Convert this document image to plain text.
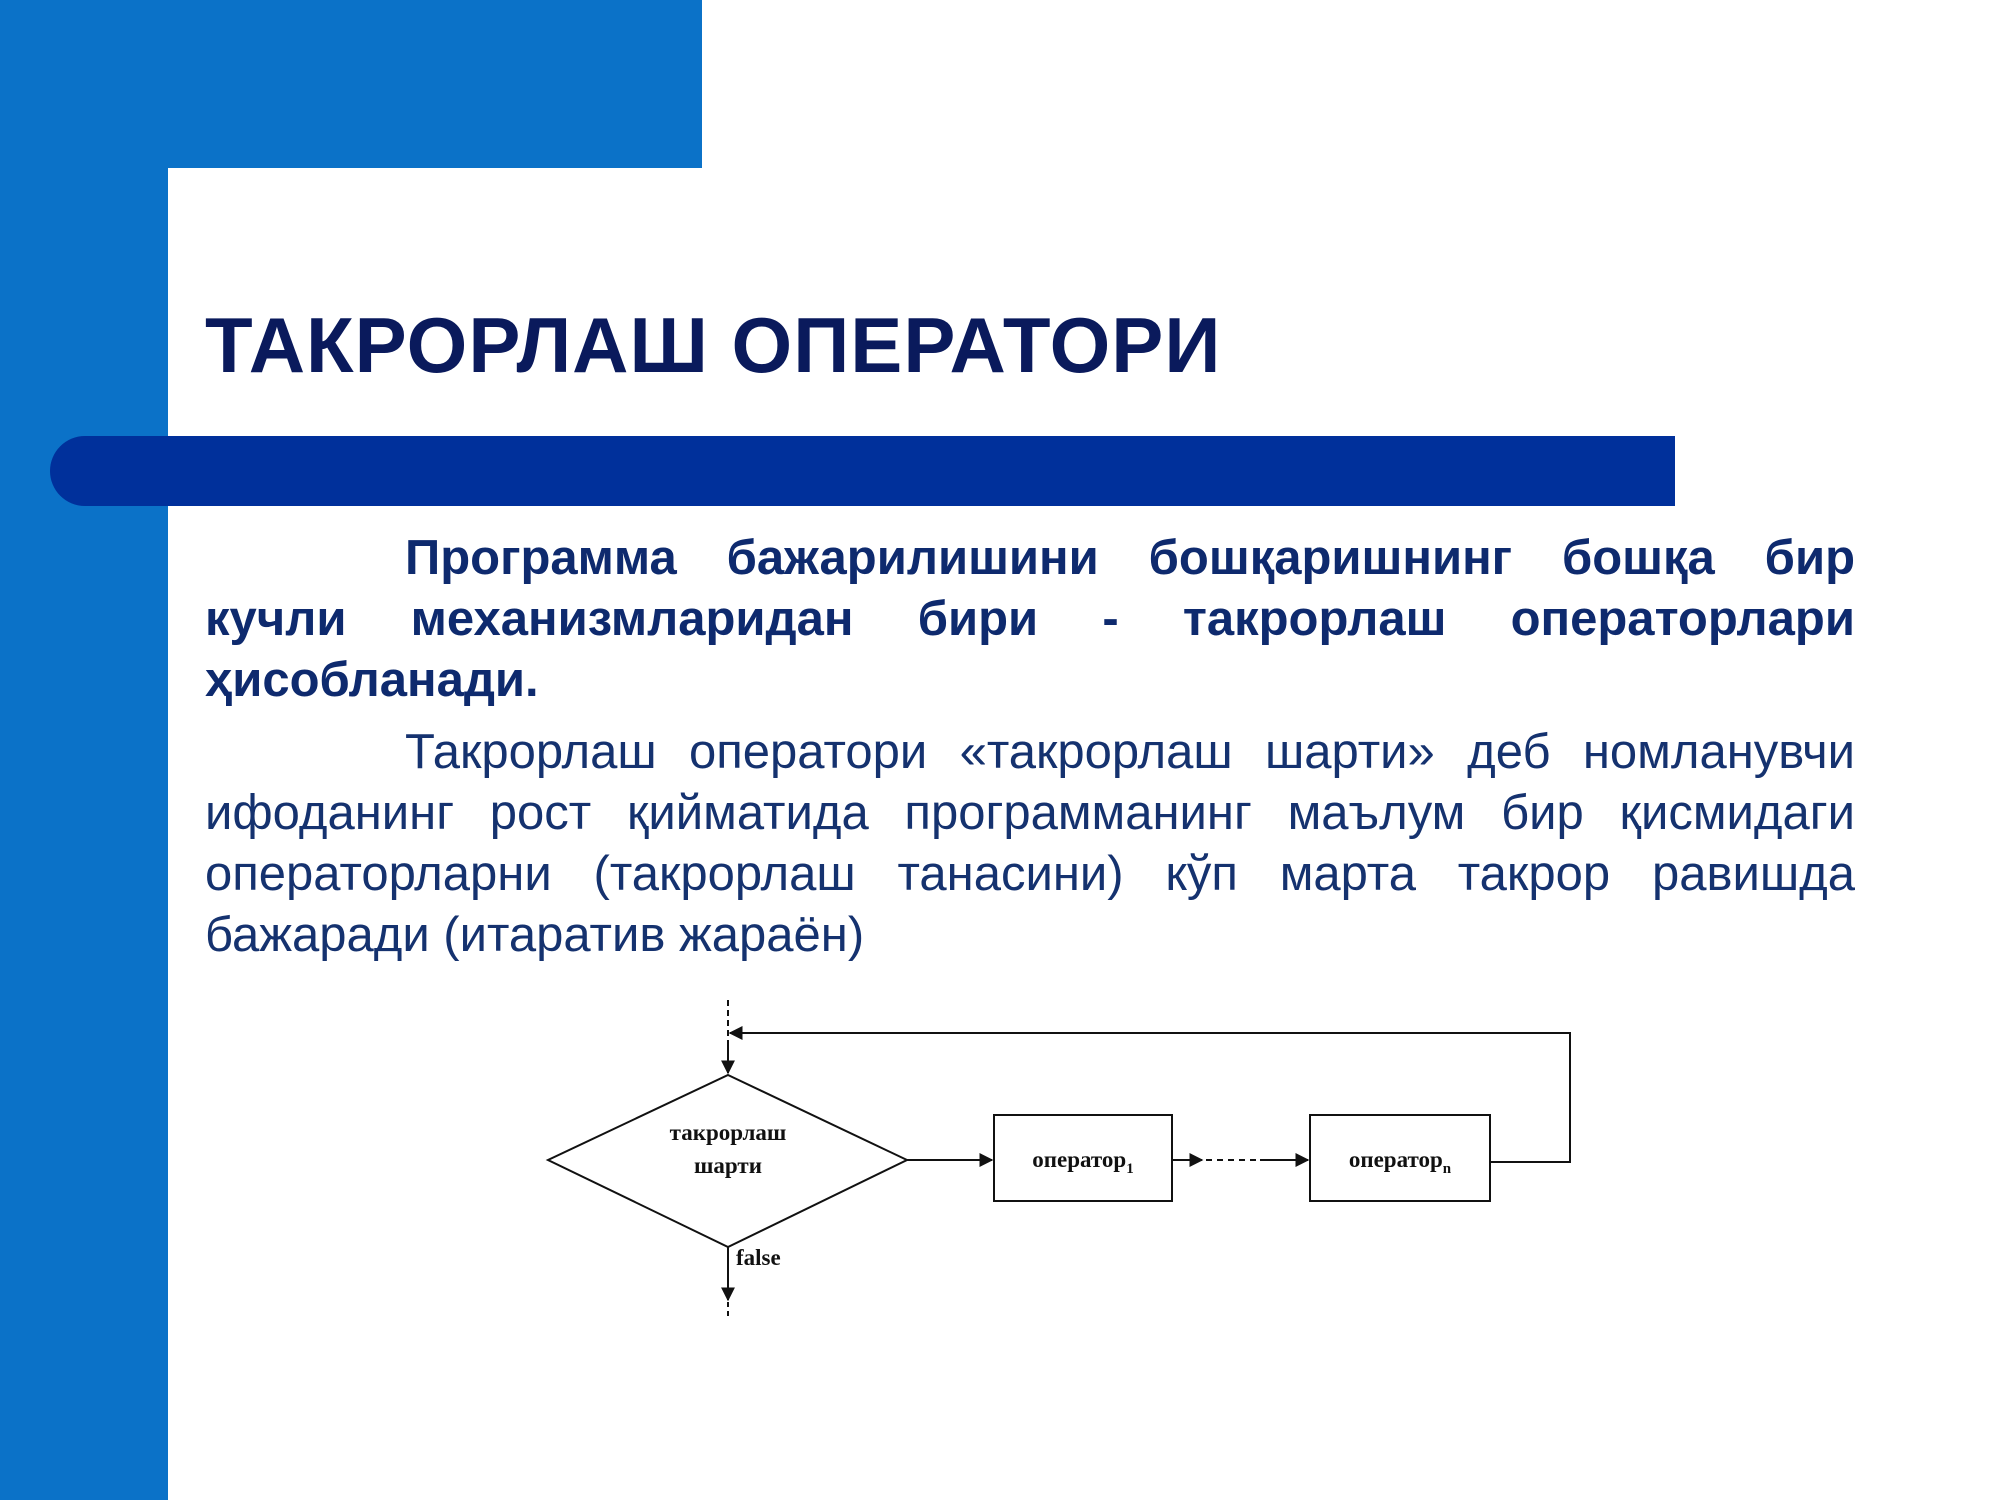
ТАКРОРЛАШ ОПЕРАТОРИ

Программа бажарилишини бошқаришнинг бошқа бир кучли механизмларидан бири - такрорлаш операторлари ҳисобланади.

Такрорлаш оператори «такрорлаш шарти» деб номланувчи ифоданинг рост қийматида программанинг маълум бир қисмидаги операторларни (такрорлаш танасини) кўп марта такрор равишда бажаради (итаратив жараён)

такрорлаш
шарти	оператор$_1$	оператор$_n$
false
